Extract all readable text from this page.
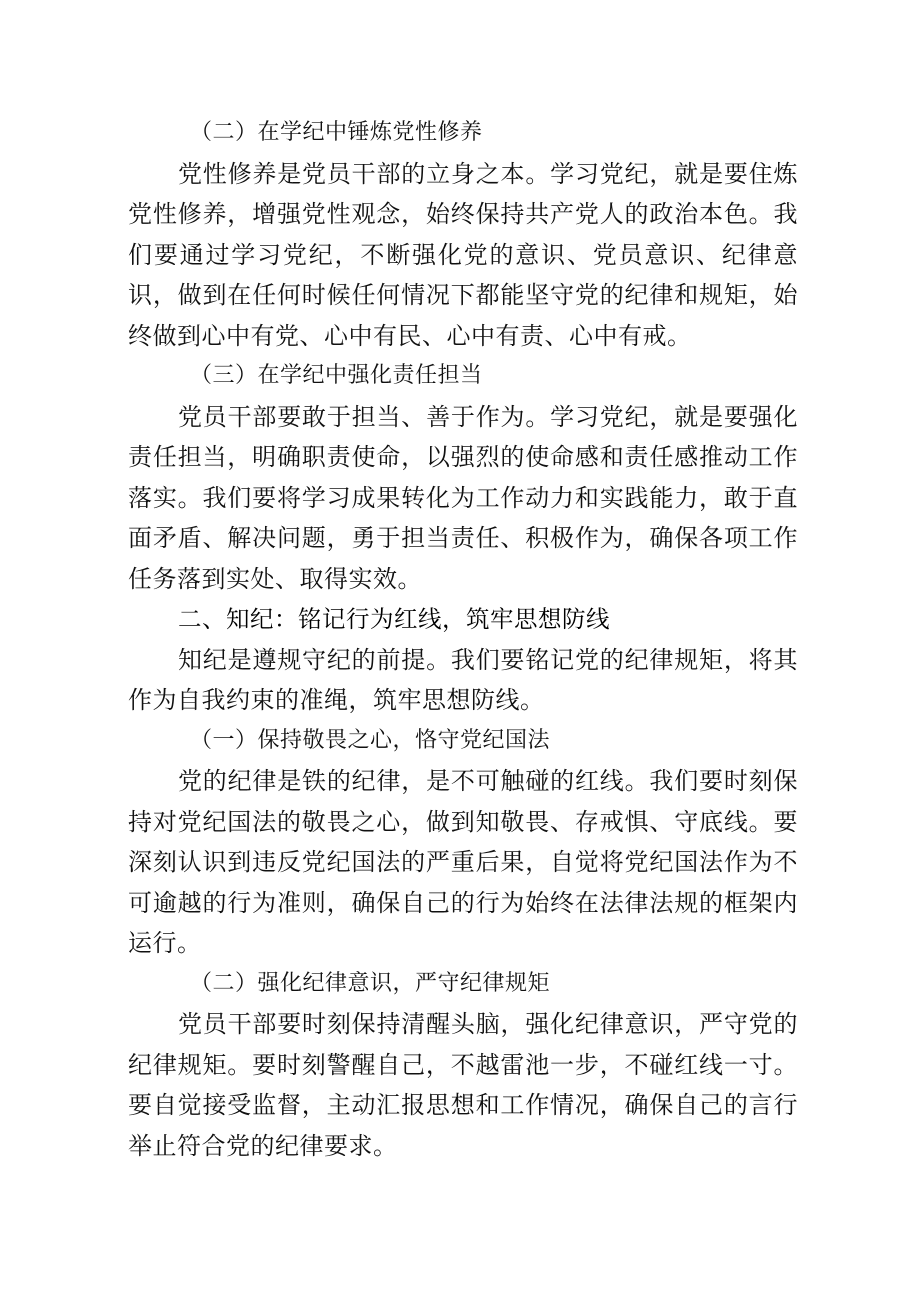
（二）在学纪中锤炼党性修养

党性修养是党员干部的立身之本。学习党纪，就是要住炼党性修养，增强党性观念，始终保持共产党人的政治本色。我们要通过学习党纪，不断强化党的意识、党员意识、纪律意识，做到在任何时候任何情况下都能坚守党的纪律和规矩，始终做到心中有党、心中有民、心中有责、心中有戒。

（三）在学纪中强化责任担当

党员干部要敢于担当、善于作为。学习党纪，就是要强化责任担当，明确职责使命，以强烈的使命感和责任感推动工作落实。我们要将学习成果转化为工作动力和实践能力，敢于直面矛盾、解决问题，勇于担当责任、积极作为，确保各项工作任务落到实处、取得实效。

二、知纪：铭记行为红线，筑牢思想防线

知纪是遵规守纪的前提。我们要铭记党的纪律规矩，将其作为自我约束的准绳，筑牢思想防线。

（一）保持敬畏之心，恪守党纪国法

党的纪律是铁的纪律，是不可触碰的红线。我们要时刻保持对党纪国法的敬畏之心，做到知敬畏、存戒惧、守底线。要深刻认识到违反党纪国法的严重后果，自觉将党纪国法作为不可逾越的行为准则，确保自己的行为始终在法律法规的框架内运行。

（二）强化纪律意识，严守纪律规矩

党员干部要时刻保持清醒头脑，强化纪律意识，严守党的纪律规矩。要时刻警醒自己，不越雷池一步，不碰红线一寸。要自觉接受监督，主动汇报思想和工作情况，确保自己的言行举止符合党的纪律要求。
